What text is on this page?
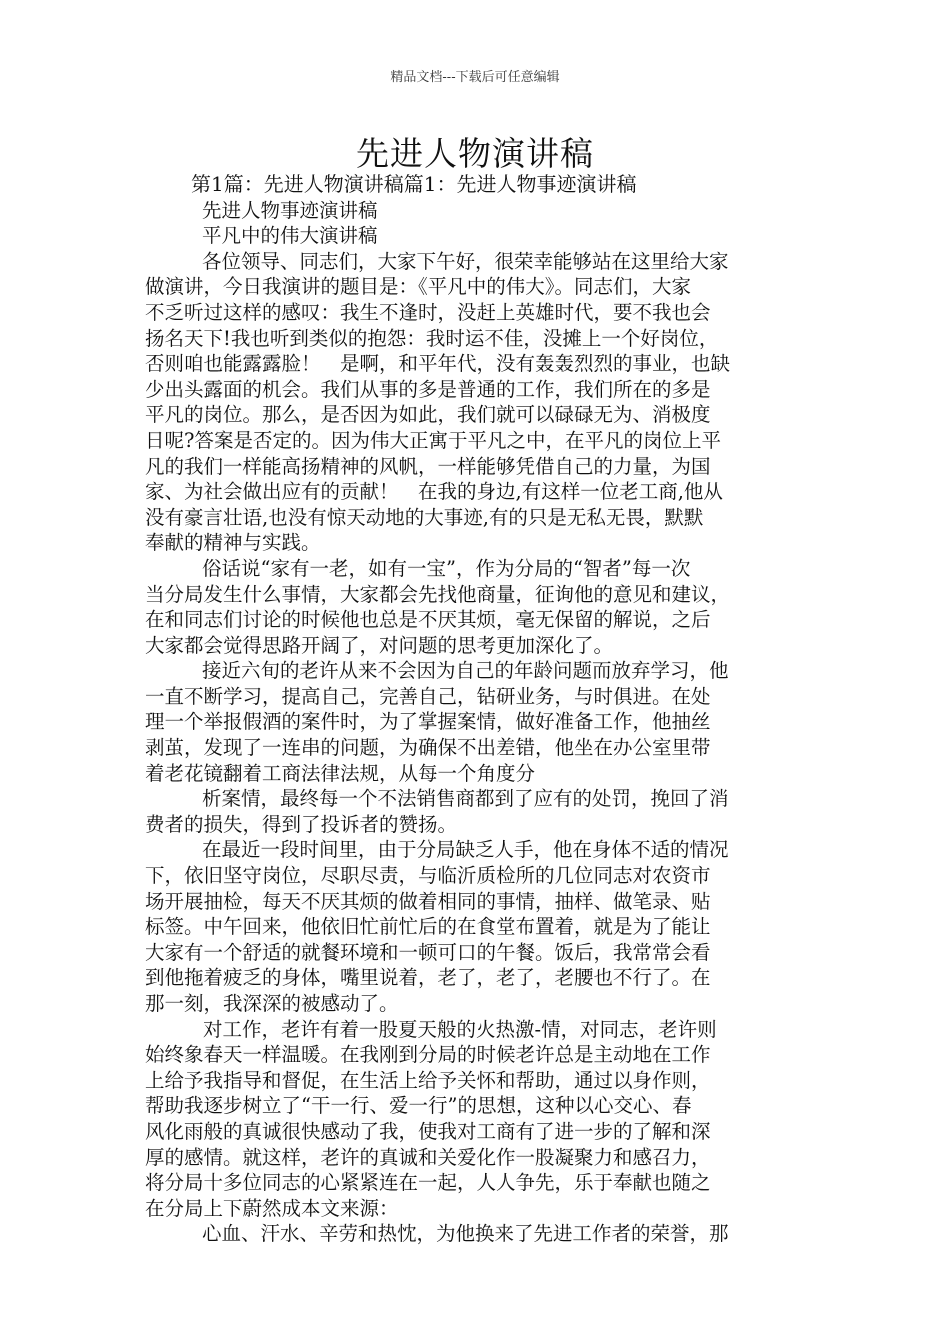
精品文档---下载后可任意编辑
先进人物演讲稿
第1篇：先进人物演讲稿篇1：先进人物事迹演讲稿
先进人物事迹演讲稿
平凡中的伟大演讲稿
各位领导、同志们，大家下午好，很荣幸能够站在这里给大家
做演讲，今日我演讲的题目是：《平凡中的伟大》。同志们，大家
不乏听过这样的感叹：我生不逢时，没赶上英雄时代，要不我也会
扬名天下!我也听到类似的抱怨：我时运不佳，没摊上一个好岗位，
否则咱也能露露脸！　是啊，和平年代，没有轰轰烈烈的事业，也缺
少出头露面的机会。我们从事的多是普通的工作，我们所在的多是
平凡的岗位。那么，是否因为如此，我们就可以碌碌无为、消极度
日呢?答案是否定的。因为伟大正寓于平凡之中，在平凡的岗位上平
凡的我们一样能高扬精神的风帆，一样能够凭借自己的力量，为国
家、为社会做出应有的贡献！　在我的身边,有这样一位老工商,他从
没有豪言壮语,也没有惊天动地的大事迹,有的只是无私无畏，默默
奉献的精神与实践。
俗话说“家有一老，如有一宝”，作为分局的“智者”每一次
当分局发生什么事情，大家都会先找他商量，征询他的意见和建议，
在和同志们讨论的时候他也总是不厌其烦，毫无保留的解说，之后
大家都会觉得思路开阔了，对问题的思考更加深化了。
接近六旬的老许从来不会因为自己的年龄问题而放弃学习，他
一直不断学习，提高自己，完善自己，钻研业务，与时俱进。在处
理一个举报假酒的案件时，为了掌握案情，做好准备工作，他抽丝
剥茧，发现了一连串的问题，为确保不出差错，他坐在办公室里带
着老花镜翻着工商法律法规，从每一个角度分
析案情，最终每一个不法销售商都到了应有的处罚，挽回了消
费者的损失，得到了投诉者的赞扬。
在最近一段时间里，由于分局缺乏人手，他在身体不适的情况
下，依旧坚守岗位，尽职尽责，与临沂质检所的几位同志对农资市
场开展抽检，每天不厌其烦的做着相同的事情，抽样、做笔录、贴
标签。中午回来，他依旧忙前忙后的在食堂布置着，就是为了能让
大家有一个舒适的就餐环境和一顿可口的午餐。饭后，我常常会看
到他拖着疲乏的身体，嘴里说着，老了，老了，老腰也不行了。在
那一刻，我深深的被感动了。
对工作，老许有着一股夏天般的火热激-情，对同志，老许则
始终象春天一样温暖。在我刚到分局的时候老许总是主动地在工作
上给予我指导和督促，在生活上给予关怀和帮助，通过以身作则，
帮助我逐步树立了“干一行、爱一行”的思想，这种以心交心、春
风化雨般的真诚很快感动了我，使我对工商有了进一步的了解和深
厚的感情。就这样，老许的真诚和关爱化作一股凝聚力和感召力，
将分局十多位同志的心紧紧连在一起，人人争先，乐于奉献也随之
在分局上下蔚然成本文来源：
心血、汗水、辛劳和热忱，为他换来了先进工作者的荣誉，那
